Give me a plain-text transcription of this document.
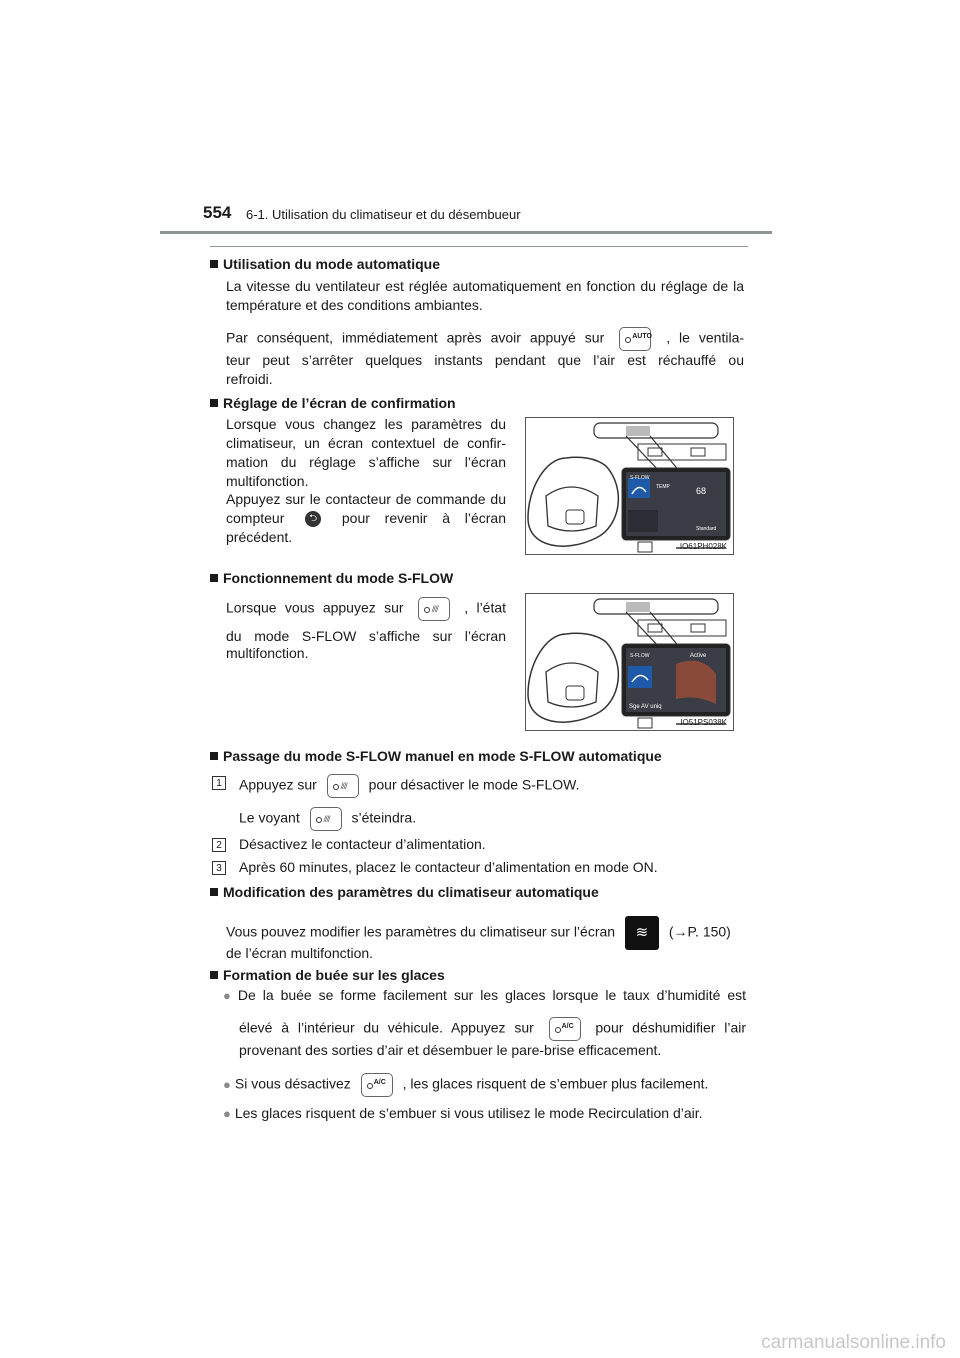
554 6-1. Utilisation du climatiseur et du désembueur
Utilisation du mode automatique
La vitesse du ventilateur est réglée automatiquement en fonction du réglage de la température et des conditions ambiantes.
Par conséquent, immédiatement après avoir appuyé sur	AUTO , le ventila-
teur peut s’arrêter quelques instants pendant que l’air est réchauffé ou
refroidi.
Réglage de l’écran de confirmation
Lorsque vous changez les paramètres du climatiseur, un écran contextuel de confir-mation du réglage s’affiche sur l’écran multifonction.
Appuyez sur le contacteur de commande du compteur ⮌ pour revenir à l’écran précédent.
S-FLOW
TEMP	68
Standard
IO61PH028K
Fonctionnement du mode S-FLOW
Lorsque vous appuyez sur	⫽⫽ , l’état
du mode S-FLOW s’affiche sur l’écran
multifonction.	S-FLOW	Active
Sge AV uniq
IO51PS038K
Passage du mode S-FLOW manuel en mode S-FLOW automatique
1	Appuyez sur	⫽⫽ pour désactiver le mode S-FLOW.
Le voyant	⫽⫽ s’éteindra.
2	Désactivez le contacteur d’alimentation.
3	Après 60 minutes, placez le contacteur d’alimentation en mode ON.
Modification des paramètres du climatiseur automatique
Vous pouvez modifier les paramètres du climatiseur sur l’écran ≋ (→P. 150)
de l’écran multifonction.
Formation de buée sur les glaces
● De la buée se forme facilement sur les glaces lorsque le taux d’humidité est
élevé à l’intérieur du véhicule. Appuyez sur	A/C pour déshumidifier l’air
provenant des sorties d’air et désembuer le pare-brise efficacement.
● Si vous désactivez	A/C , les glaces risquent de s’embuer plus facilement.
● Les glaces risquent de s’embuer si vous utilisez le mode Recirculation d’air.
carmanualsonline.info
